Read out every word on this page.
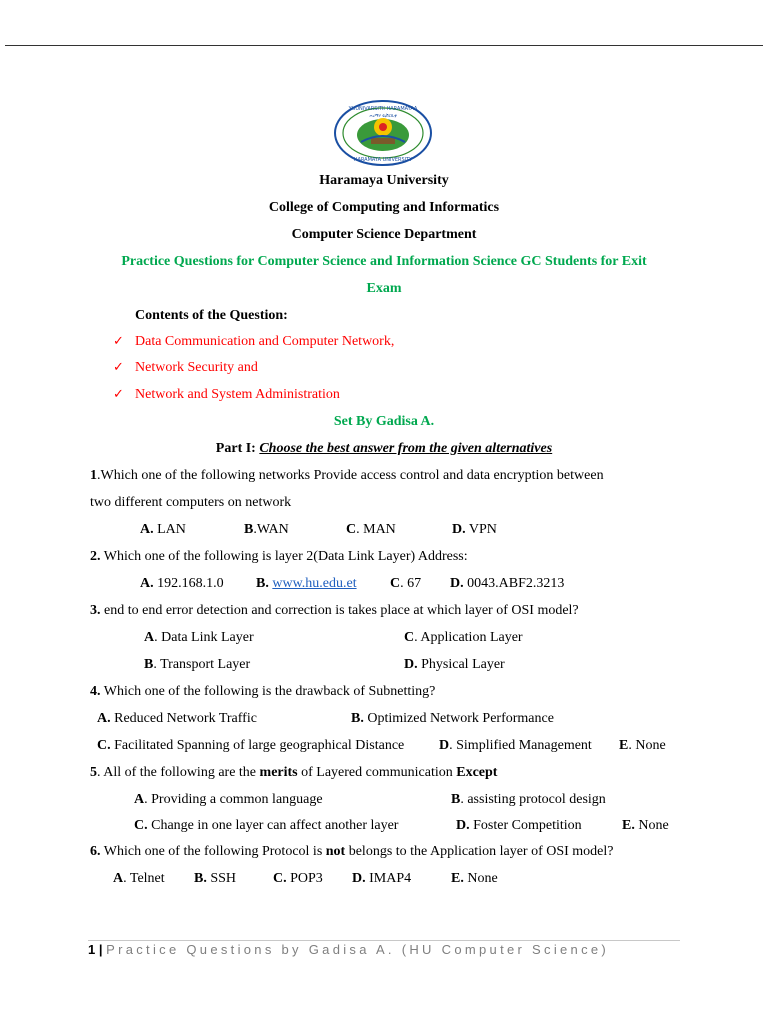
YUUNIVARSITII HARAMAYAA
ሐረማያ ዩኒቨርሲቲ
HARAMAYA UNIVERSITY
Haramaya University
College of Computing and Informatics
Computer Science Department
Practice Questions for Computer Science and Information Science GC Students for Exit
Exam
Contents of the Question:
✓ Data Communication and Computer Network,
✓ Network Security and
✓ Network and System Administration
Set By Gadisa A.
Part I: Choose the best answer from the given alternatives
1.Which one of the following networks Provide access control and data encryption between
two different computers on network
A. LAN	B.WAN	C. MAN	D. VPN
2. Which one of the following is layer 2(Data Link Layer) Address:
A. 192.168.1.0 B. www.hu.edu.et C. 67 D. 0043.ABF2.3213
3. end to end error detection and correction is takes place at which layer of OSI model?
A. Data Link Layer	C. Application Layer
B. Transport Layer	D. Physical Layer
4. Which one of the following is the drawback of Subnetting?
A. Reduced Network Traffic	B. Optimized Network Performance
C. Facilitated Spanning of large geographical Distance D. Simplified Management E. None
5. All of the following are the merits of Layered communication Except
A. Providing a common language	B. assisting protocol design
C. Change in one layer can affect another layer	D. Foster Competition	E. None
6. Which one of the following Protocol is not belongs to the Application layer of OSI model?
A. Telnet B. SSH	C. POP3 D. IMAP4	E. None
1 | Practice Questions by Gadisa A. (HU Computer Science)
